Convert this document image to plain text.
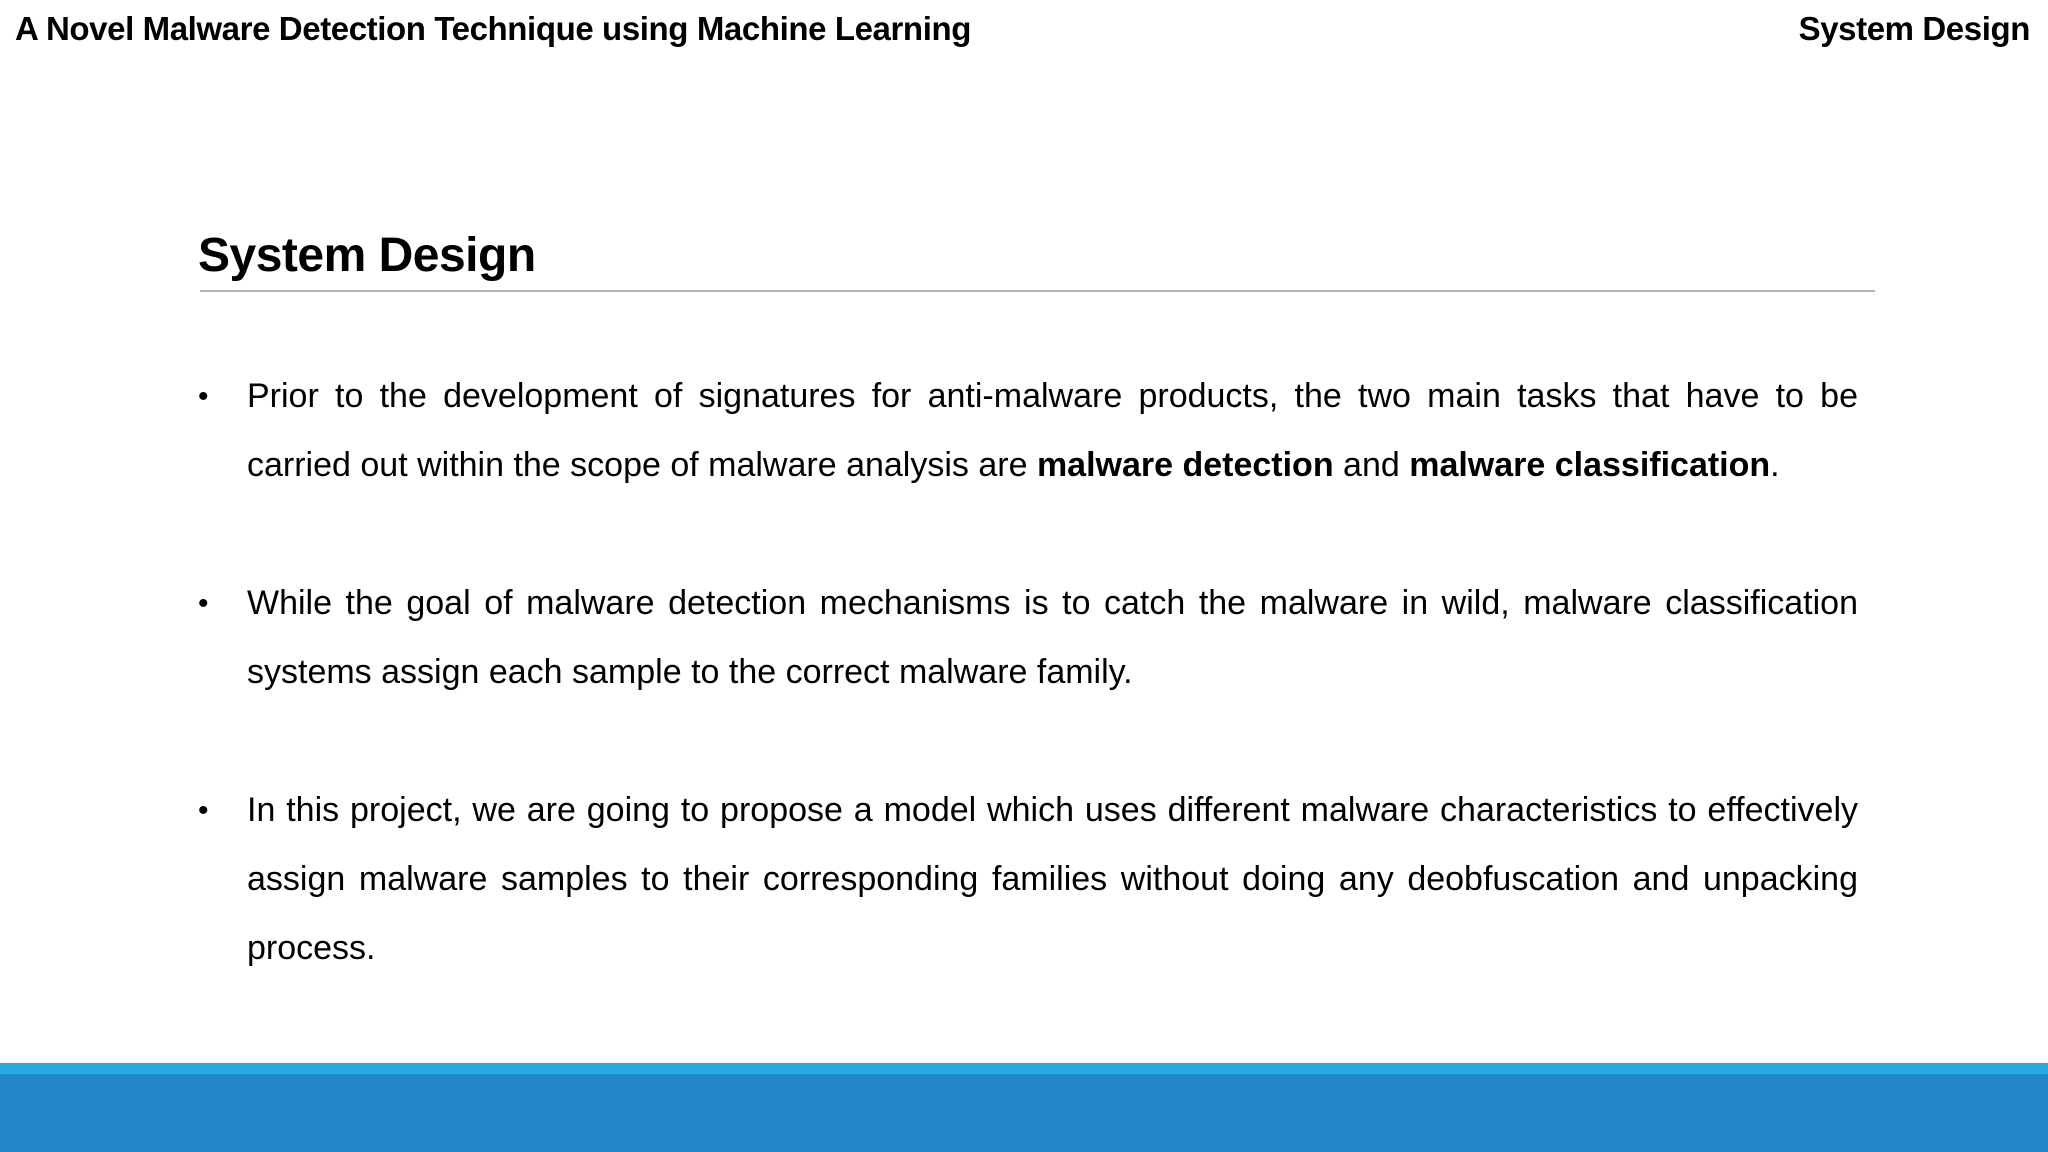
A Novel Malware Detection Technique using Machine Learning	System Design
System Design
• Prior to the development of signatures for anti-malware products, the two main tasks that have to be carried out within the scope of malware analysis are malware detection and malware classification.
• While the goal of malware detection mechanisms is to catch the malware in wild, malware classification systems assign each sample to the correct malware family.
• In this project, we are going to propose a model which uses different malware characteristics to effectively assign malware samples to their corresponding families without doing any deobfuscation and unpacking process.
